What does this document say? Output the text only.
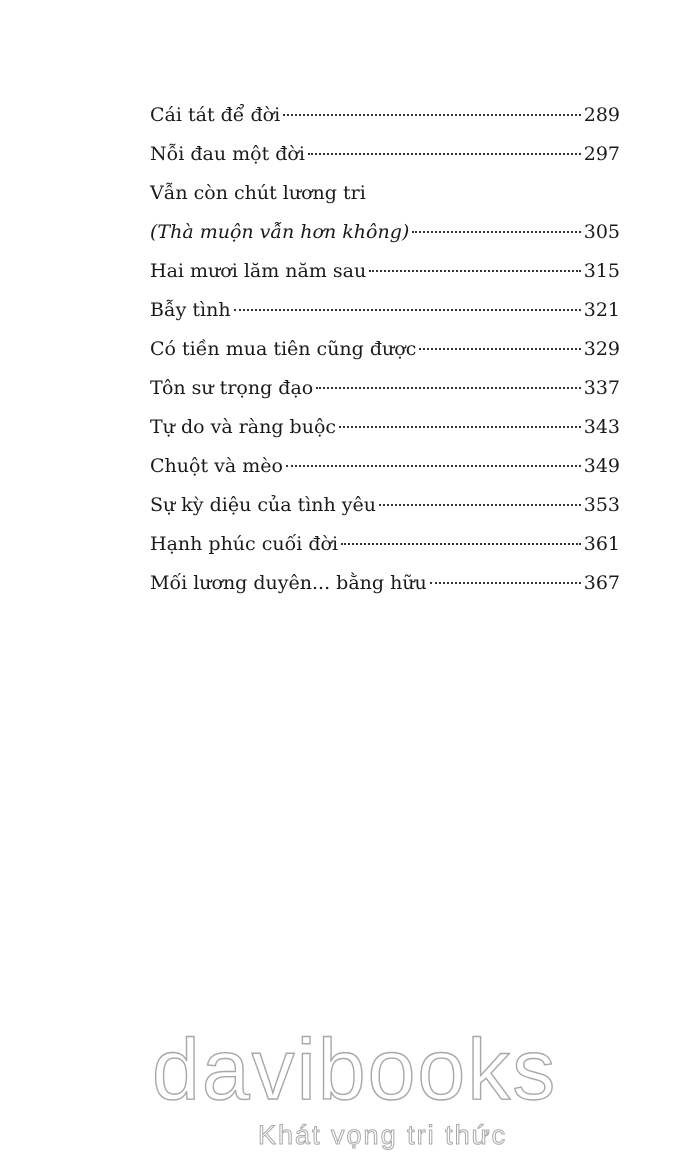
Cái tát để đời	289
Nỗi đau một đời	297
Vẫn còn chút lương tri
(Thà muộn vẫn hơn không)	305
Hai mươi lăm năm sau	315
Bẫy tình	321
Có tiền mua tiên cũng được	329
Tôn sư trọng đạo	337
Tự do và ràng buộc	343
Chuột và mèo	349
Sự kỳ diệu của tình yêu	353
Hạnh phúc cuối đời	361
Mối lương duyên... bằng hữu	367
davibooks
Khát vọng tri thức
